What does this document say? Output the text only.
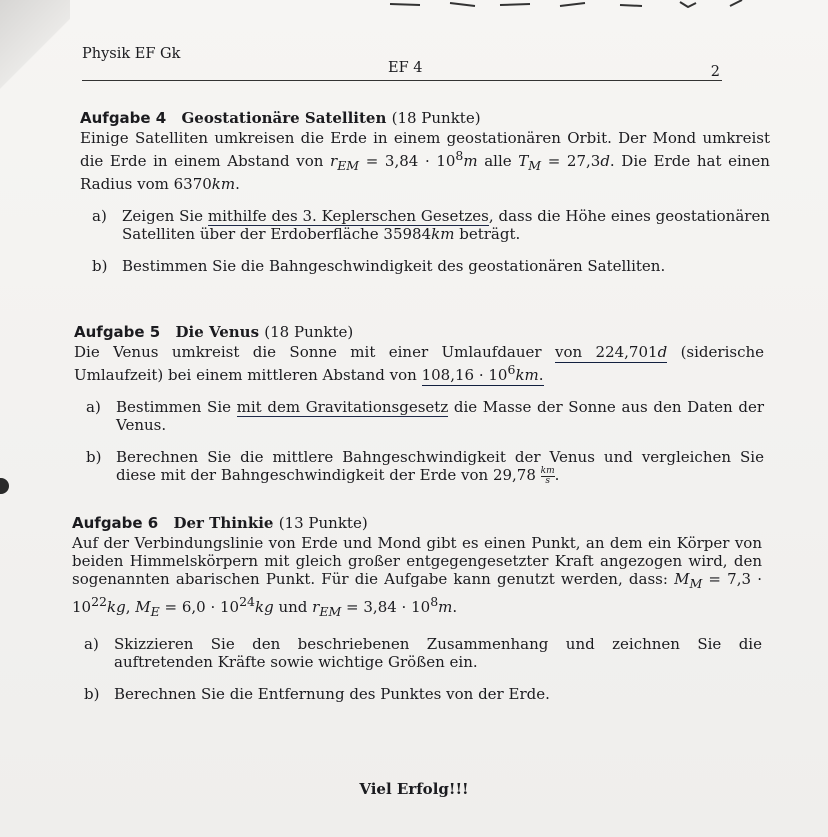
Physik EF Gk
EF 4	2
Aufgabe 4 Geostationäre Satelliten (18 Punkte)
Einige Satelliten umkreisen die Erde in einem geostationären Orbit. Der Mond umkreist die Erde in einem Abstand von $r_{EM} = 3,84 \cdot 10^8m$ alle $T_M = 27,3d$. Die Erde hat einen Radius vom 6370km.
a) Zeigen Sie mithilfe des 3. Keplerschen Gesetzes, dass die Höhe eines geostationären Satelliten über der Erdoberfläche 35984km beträgt.
b) Bestimmen Sie die Bahngeschwindigkeit des geostationären Satelliten.
Aufgabe 5 Die Venus (18 Punkte)
Die Venus umkreist die Sonne mit einer Umlaufdauer von 224,701d (siderische Umlaufzeit) bei einem mittleren Abstand von $108,16 \cdot 10^6km$.
a) Bestimmen Sie mit dem Gravitationsgesetz die Masse der Sonne aus den Daten der Venus.
b) Berechnen Sie die mittlere Bahngeschwindigkeit der Venus und vergleichen Sie diese mit der Bahngeschwindigkeit der Erde von $29,78 \frac{km}{s}$ .
Aufgabe 6 Der Thinkie (13 Punkte)
Auf der Verbindungslinie von Erde und Mond gibt es einen Punkt, an dem ein Körper von beiden Himmelskörpern mit gleich großer entgegengesetzter Kraft angezogen wird, den sogenannten abarischen Punkt. Für die Aufgabe kann genutzt werden, dass: $M_M = 7,3 \cdot 10^{22}kg$, $M_E = 6,0 \cdot 10^{24}kg$ und $r_{EM} = 3,84 \cdot 10^8m$.
a) Skizzieren Sie den beschriebenen Zusammenhang und zeichnen Sie die auftretenden Kräfte sowie wichtige Größen ein.
b) Berechnen Sie die Entfernung des Punktes von der Erde.
Viel Erfolg!!!
